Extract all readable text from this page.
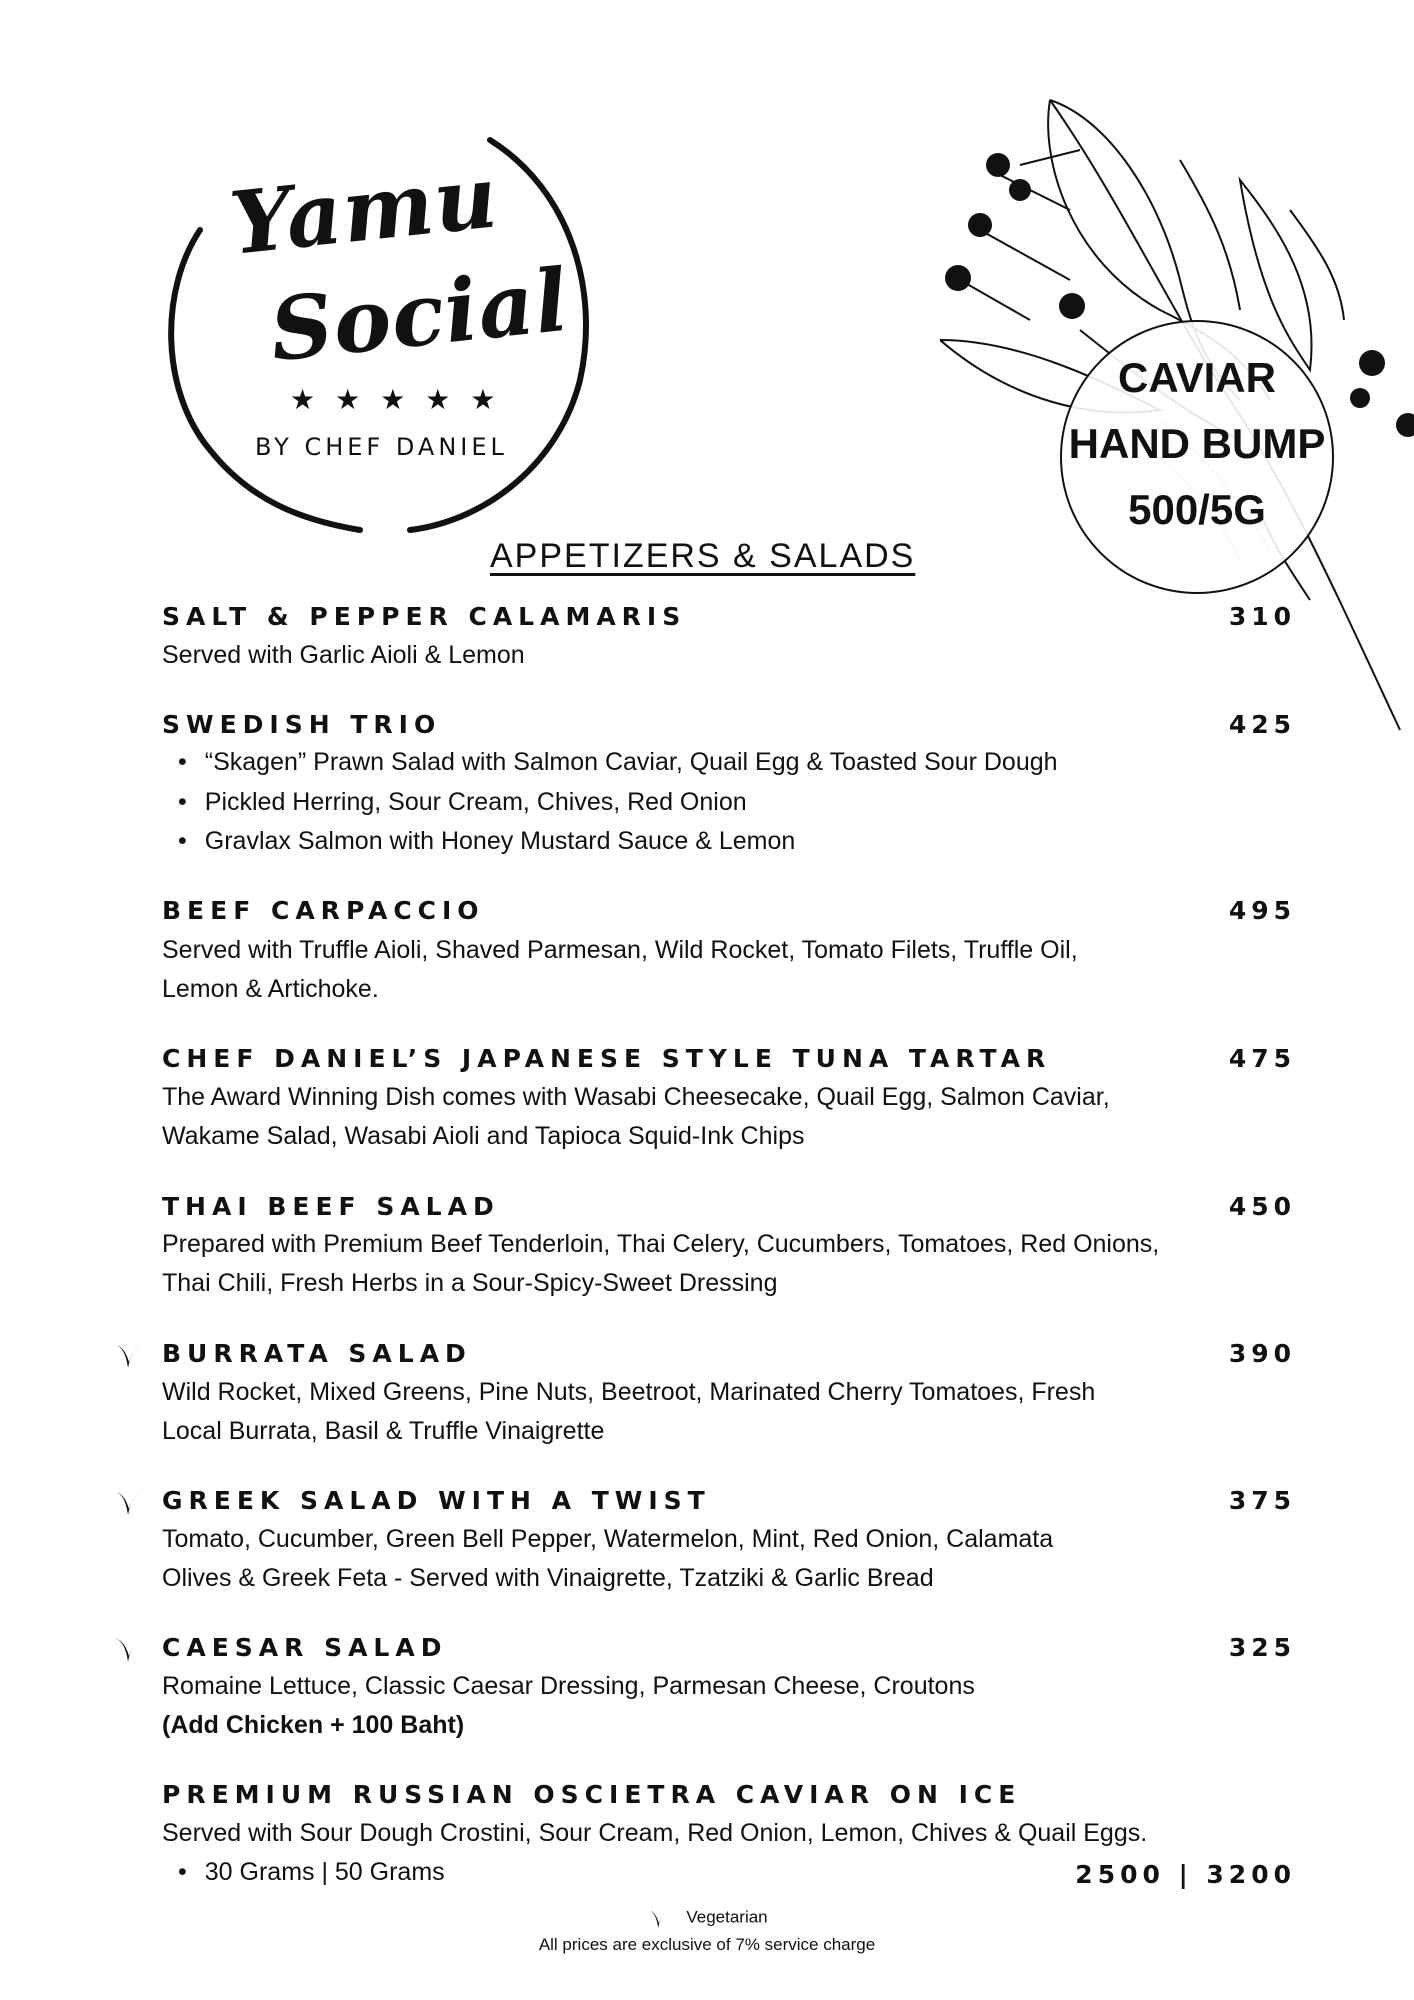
Yamu
Social
★★★★★
BY CHEF DANIEL
CAVIAR
HAND BUMP
500/5G
APPETIZERS & SALADS
SALT & PEPPER CALAMARIS	310
Served with Garlic Aioli & Lemon
SWEDISH TRIO	425
• “Skagen” Prawn Salad with Salmon Caviar, Quail Egg & Toasted Sour Dough
• Pickled Herring, Sour Cream, Chives, Red Onion
• Gravlax Salmon with Honey Mustard Sauce & Lemon
BEEF CARPACCIO	495
Served with Truffle Aioli, Shaved Parmesan, Wild Rocket, Tomato Filets, Truffle Oil,
Lemon & Artichoke.
CHEF DANIEL’S JAPANESE STYLE TUNA TARTAR	475
The Award Winning Dish comes with Wasabi Cheesecake, Quail Egg, Salmon Caviar,
Wakame Salad, Wasabi Aioli and Tapioca Squid-Ink Chips
THAI BEEF SALAD	450
Prepared with Premium Beef Tenderloin, Thai Celery, Cucumbers, Tomatoes, Red Onions,
Thai Chili, Fresh Herbs in a Sour-Spicy-Sweet Dressing
BURRATA SALAD	390
Wild Rocket, Mixed Greens, Pine Nuts, Beetroot, Marinated Cherry Tomatoes, Fresh
Local Burrata, Basil & Truffle Vinaigrette
GREEK SALAD WITH A TWIST	375
Tomato, Cucumber, Green Bell Pepper, Watermelon, Mint, Red Onion, Calamata
Olives & Greek Feta - Served with Vinaigrette, Tzatziki & Garlic Bread
CAESAR SALAD	325
Romaine Lettuce, Classic Caesar Dressing, Parmesan Cheese, Croutons
(Add Chicken + 100 Baht)
PREMIUM RUSSIAN OSCIETRA CAVIAR ON ICE
Served with Sour Dough Crostini, Sour Cream, Red Onion, Lemon, Chives & Quail Eggs.
• 30 Grams | 50 Grams	2500 | 3200
Vegetarian
All prices are exclusive of 7% service charge
